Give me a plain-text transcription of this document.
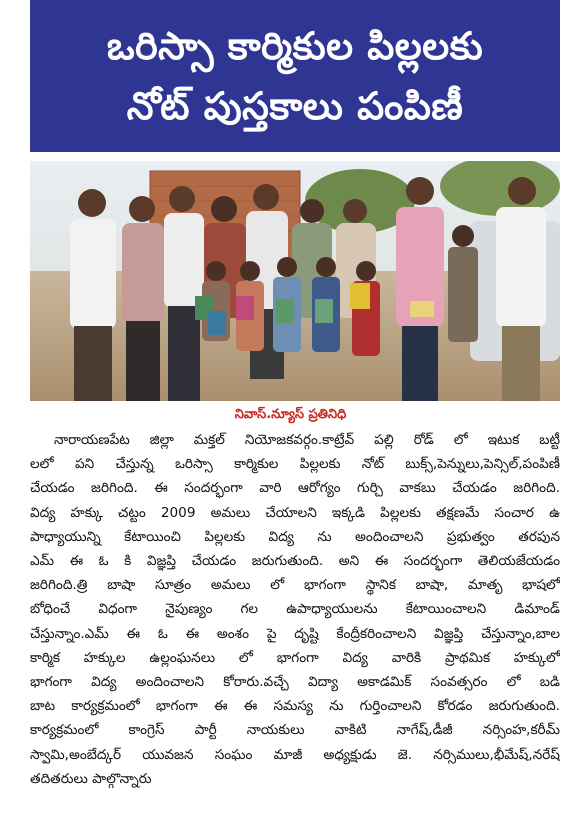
ఒరిస్సా కార్మికుల పిల్లలకు
నోట్ పుస్తకాలు పంపిణీ
నివాస్.న్యూస్ ప్రతినిధి
నారాయణపేట జిల్లా మక్తల్ నియోజకవర్గం.కాట్రేవ్ పల్లి రోడ్ లో ఇటుక బట్టీ
లలో పని చేస్తున్న ఒరిస్సా కార్మికుల పిల్లలకు నోట్ బుక్స్,పెన్నులు,పెన్సిల్,పంపిణీ
చేయడం జరిగింది. ఈ సందర్భంగా వారి ఆరోగ్యం గుర్చి వాకబు చేయడం జరిగింది.
విద్య హక్కు చట్టం 2009 అమలు చేయాలని ఇక్కడి పిల్లలకు తక్షణమే సంచార ఉ
పాధ్యాయున్ని కేటాయించి పిల్లలకు విద్య ను అందించాలని ప్రభుత్వం తరపున
ఎమ్ ఈ ఓ కి విజ్ఞప్తి చేయడం జరుగుతుంది. అని ఈ సందర్భంగా తెలియజేయడం
జరిగింది.త్రి బాషా సూత్రం అమలు లో భాగంగా స్థానిక బాషా, మాతృ భాషలో
బోధించే విధంగా నైపుణ్యం గల ఉపాధ్యాయులను కేటాయించాలని డిమాండ్
చేస్తున్నాం.ఎమ్ ఈ ఓ ఈ అంశం పై దృష్టి కేంద్రీకరించాలని విజ్ఞప్తి చేస్తున్నాం,బాల
కార్మిక హక్కుల ఉల్లంఘనలు లో భాగంగా విద్య వారికి ప్రాథమిక హక్కులో
భాగంగా విద్య అందించాలని కోరారు.వచ్చే విద్యా అకాడమిక్ సంవత్సరం లో బడి
బాట కార్యక్రమంలో భాగంగా ఈ ఈ సమస్య ను గుర్తించాలని కోరడం జరుగుతుంది.
కార్యక్రమంలో కాంగ్రెస్ పార్టీ నాయకులు వాకిటి నాగేష్,డీజీ నర్సింహ,కరీమ్
స్వామి,అంబేద్కర్ యువజన సంఘం మాజీ అధ్యక్షుడు జె. నర్సిములు,భీమేష్,నరేష్
తదితరులు పాల్గొన్నారు
